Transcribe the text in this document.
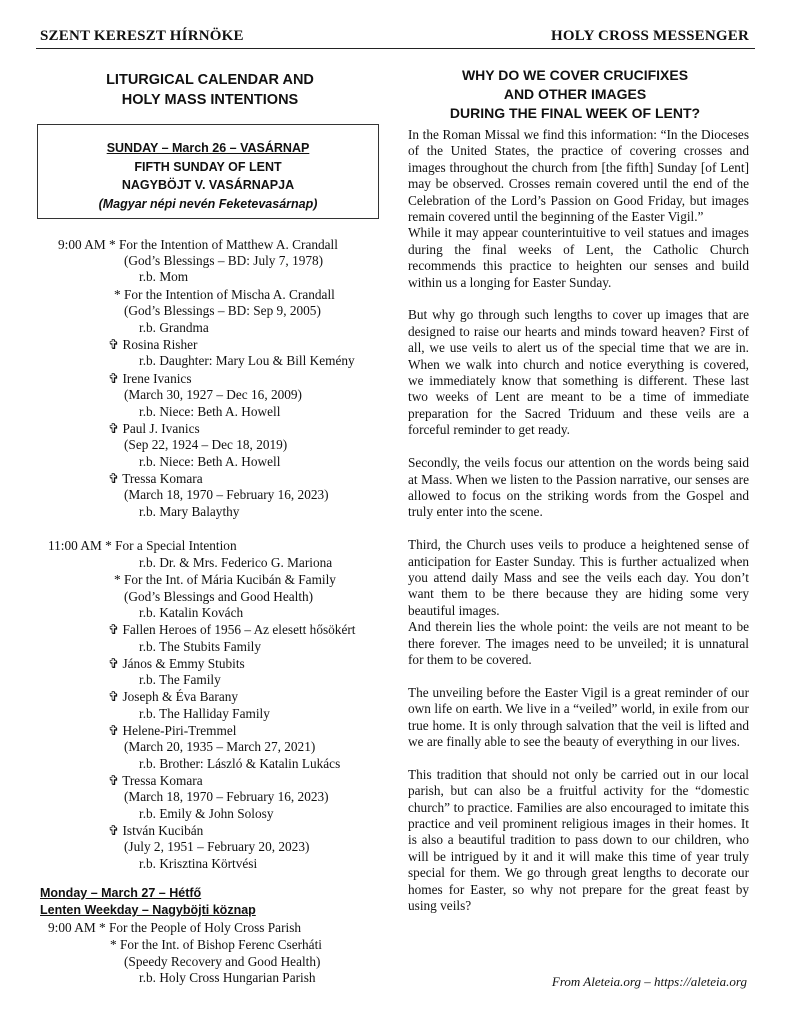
SZENT KERESZT HÍRNÖKE	HOLY CROSS MESSENGER
LITURGICAL CALENDAR AND
HOLY MASS INTENTIONS
SUNDAY – March 26 – VASÁRNAP
FIFTH SUNDAY OF LENT
NAGYBÖJT V. VASÁRNAPJA
(Magyar népi nevén Feketevasárnap)
9:00 AM * For the Intention of Matthew A. Crandall
(God’s Blessings – BD: July 7, 1978)
r.b. Mom
* For the Intention of Mischa A. Crandall
(God’s Blessings – BD: Sep 9, 2005)
r.b. Grandma
✞ Rosina Risher
r.b. Daughter: Mary Lou & Bill Kemény
✞ Irene Ivanics
(March 30, 1927 – Dec 16, 2009)
r.b. Niece: Beth A. Howell
✞ Paul J. Ivanics
(Sep 22, 1924 – Dec 18, 2019)
r.b. Niece: Beth A. Howell
✞ Tressa Komara
(March 18, 1970 – February 16, 2023)
r.b. Mary Balaythy
11:00 AM * For a Special Intention
r.b. Dr. & Mrs. Federico G. Mariona
* For the Int. of Mária Kucibán & Family
(God’s Blessings and Good Health)
r.b. Katalin Kovách
✞ Fallen Heroes of 1956 – Az elesett hősökért
r.b. The Stubits Family
✞ János & Emmy Stubits
r.b. The Family
✞ Joseph & Éva Barany
r.b. The Halliday Family
✞ Helene-Piri-Tremmel
(March 20, 1935 – March 27, 2021)
r.b. Brother: László & Katalin Lukács
✞ Tressa Komara
(March 18, 1970 – February 16, 2023)
r.b. Emily & John Solosy
✞ István Kucibán
(July 2, 1951 – February 20, 2023)
r.b. Krisztina Körtvési
Monday – March 27 – Hétfő
Lenten Weekday – Nagyböjti köznap
9:00 AM * For the People of Holy Cross Parish
* For the Int. of Bishop Ferenc Cserháti
(Speedy Recovery and Good Health)
r.b. Holy Cross Hungarian Parish
WHY DO WE COVER CRUCIFIXES
AND OTHER IMAGES
DURING THE FINAL WEEK OF LENT?

In the Roman Missal we find this information: “In the Dioceses of the United States, the practice of covering crosses and images throughout the church from [the fifth] Sunday [of Lent] may be observed. Crosses remain covered until the end of the Celebration of the Lord’s Passion on Good Friday, but images remain covered until the beginning of the Easter Vigil.”

While it may appear counterintuitive to veil statues and images during the final weeks of Lent, the Catholic Church recommends this practice to heighten our senses and build within us a longing for Easter Sunday.

But why go through such lengths to cover up images that are designed to raise our hearts and minds toward heaven? First of all, we use veils to alert us of the special time that we are in. When we walk into church and notice everything is covered, we immediately know that something is different. These last two weeks of Lent are meant to be a time of immediate preparation for the Sacred Triduum and these veils are a forceful reminder to get ready.

Secondly, the veils focus our attention on the words being said at Mass. When we listen to the Passion narrative, our senses are allowed to focus on the striking words from the Gospel and truly enter into the scene.

Third, the Church uses veils to produce a heightened sense of anticipation for Easter Sunday. This is further actualized when you attend daily Mass and see the veils each day. You don’t want them to be there because they are hiding some very beautiful images.

And therein lies the whole point: the veils are not meant to be there forever. The images need to be unveiled; it is unnatural for them to be covered.

The unveiling before the Easter Vigil is a great reminder of our own life on earth. We live in a “veiled” world, in exile from our true home. It is only through salvation that the veil is lifted and we are finally able to see the beauty of everything in our lives.

This tradition that should not only be carried out in our local parish, but can also be a fruitful activity for the “domestic church” to practice. Families are also encouraged to imitate this practice and veil prominent religious images in their homes. It is also a beautiful tradition to pass down to our children, who will be intrigued by it and it will make this time of year truly special for them. We go through great lengths to decorate our homes for Easter, so why not prepare for the great feast by using veils?

From Aleteia.org – https://aleteia.org
